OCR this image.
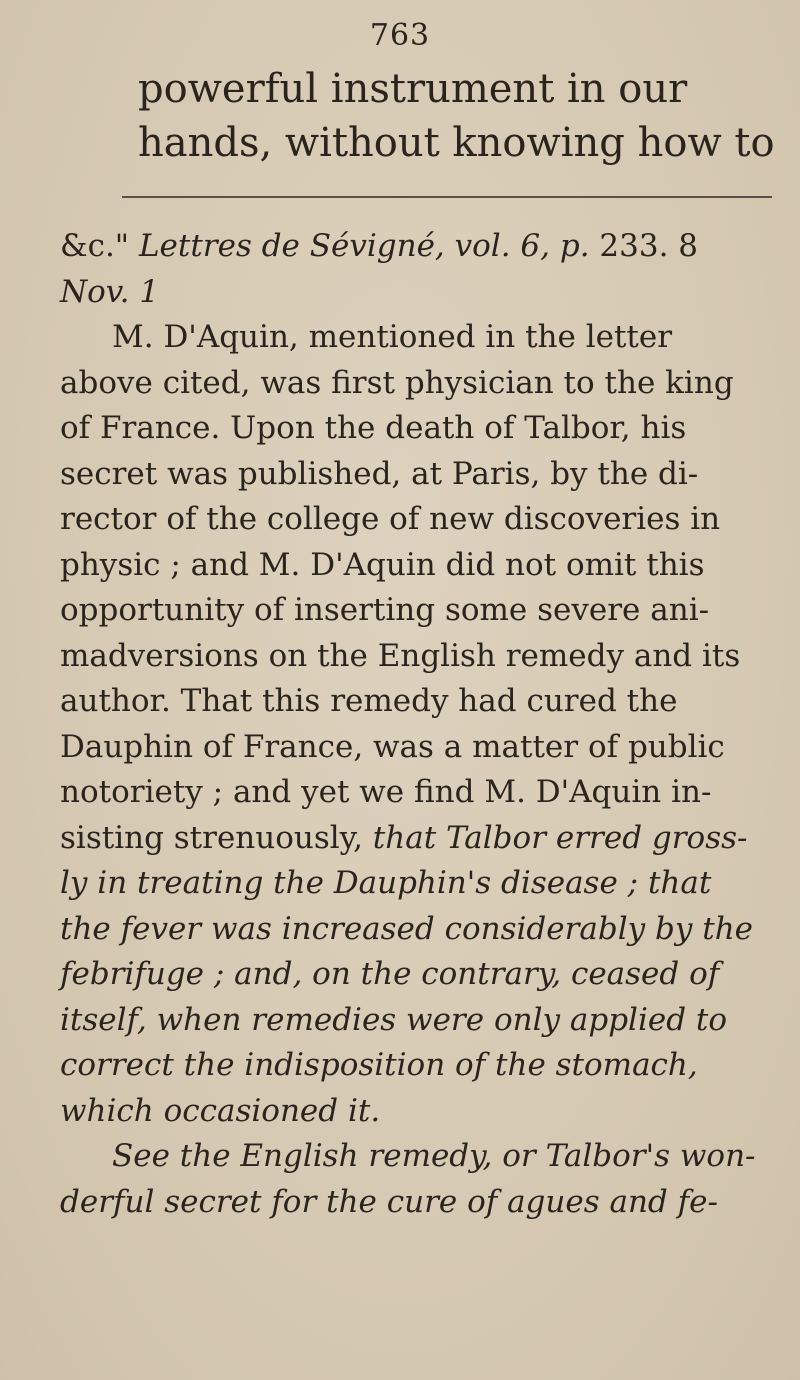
763
powerful instrument in our
hands, without knowing how to
&c." Lettres de Sévigné, vol. 6, p. 233. 8
Nov. 1
M. D'Aquin, mentioned in the letter
above cited, was first physician to the king
of France. Upon the death of Talbor, his
secret was published, at Paris, by the di-
rector of the college of new discoveries in
physic ; and M. D'Aquin did not omit this
opportunity of inserting some severe ani-
madversions on the English remedy and its
author. That this remedy had cured the
Dauphin of France, was a matter of public
notoriety ; and yet we find M. D'Aquin in-
sisting strenuously, that Talbor erred gross-
ly in treating the Dauphin's disease ; that
the fever was increased considerably by the
febrifuge ; and, on the contrary, ceased of
itself, when remedies were only applied to
correct the indisposition of the stomach,
which occasioned it.
See the English remedy, or Talbor's won-
derful secret for the cure of agues and fe-
